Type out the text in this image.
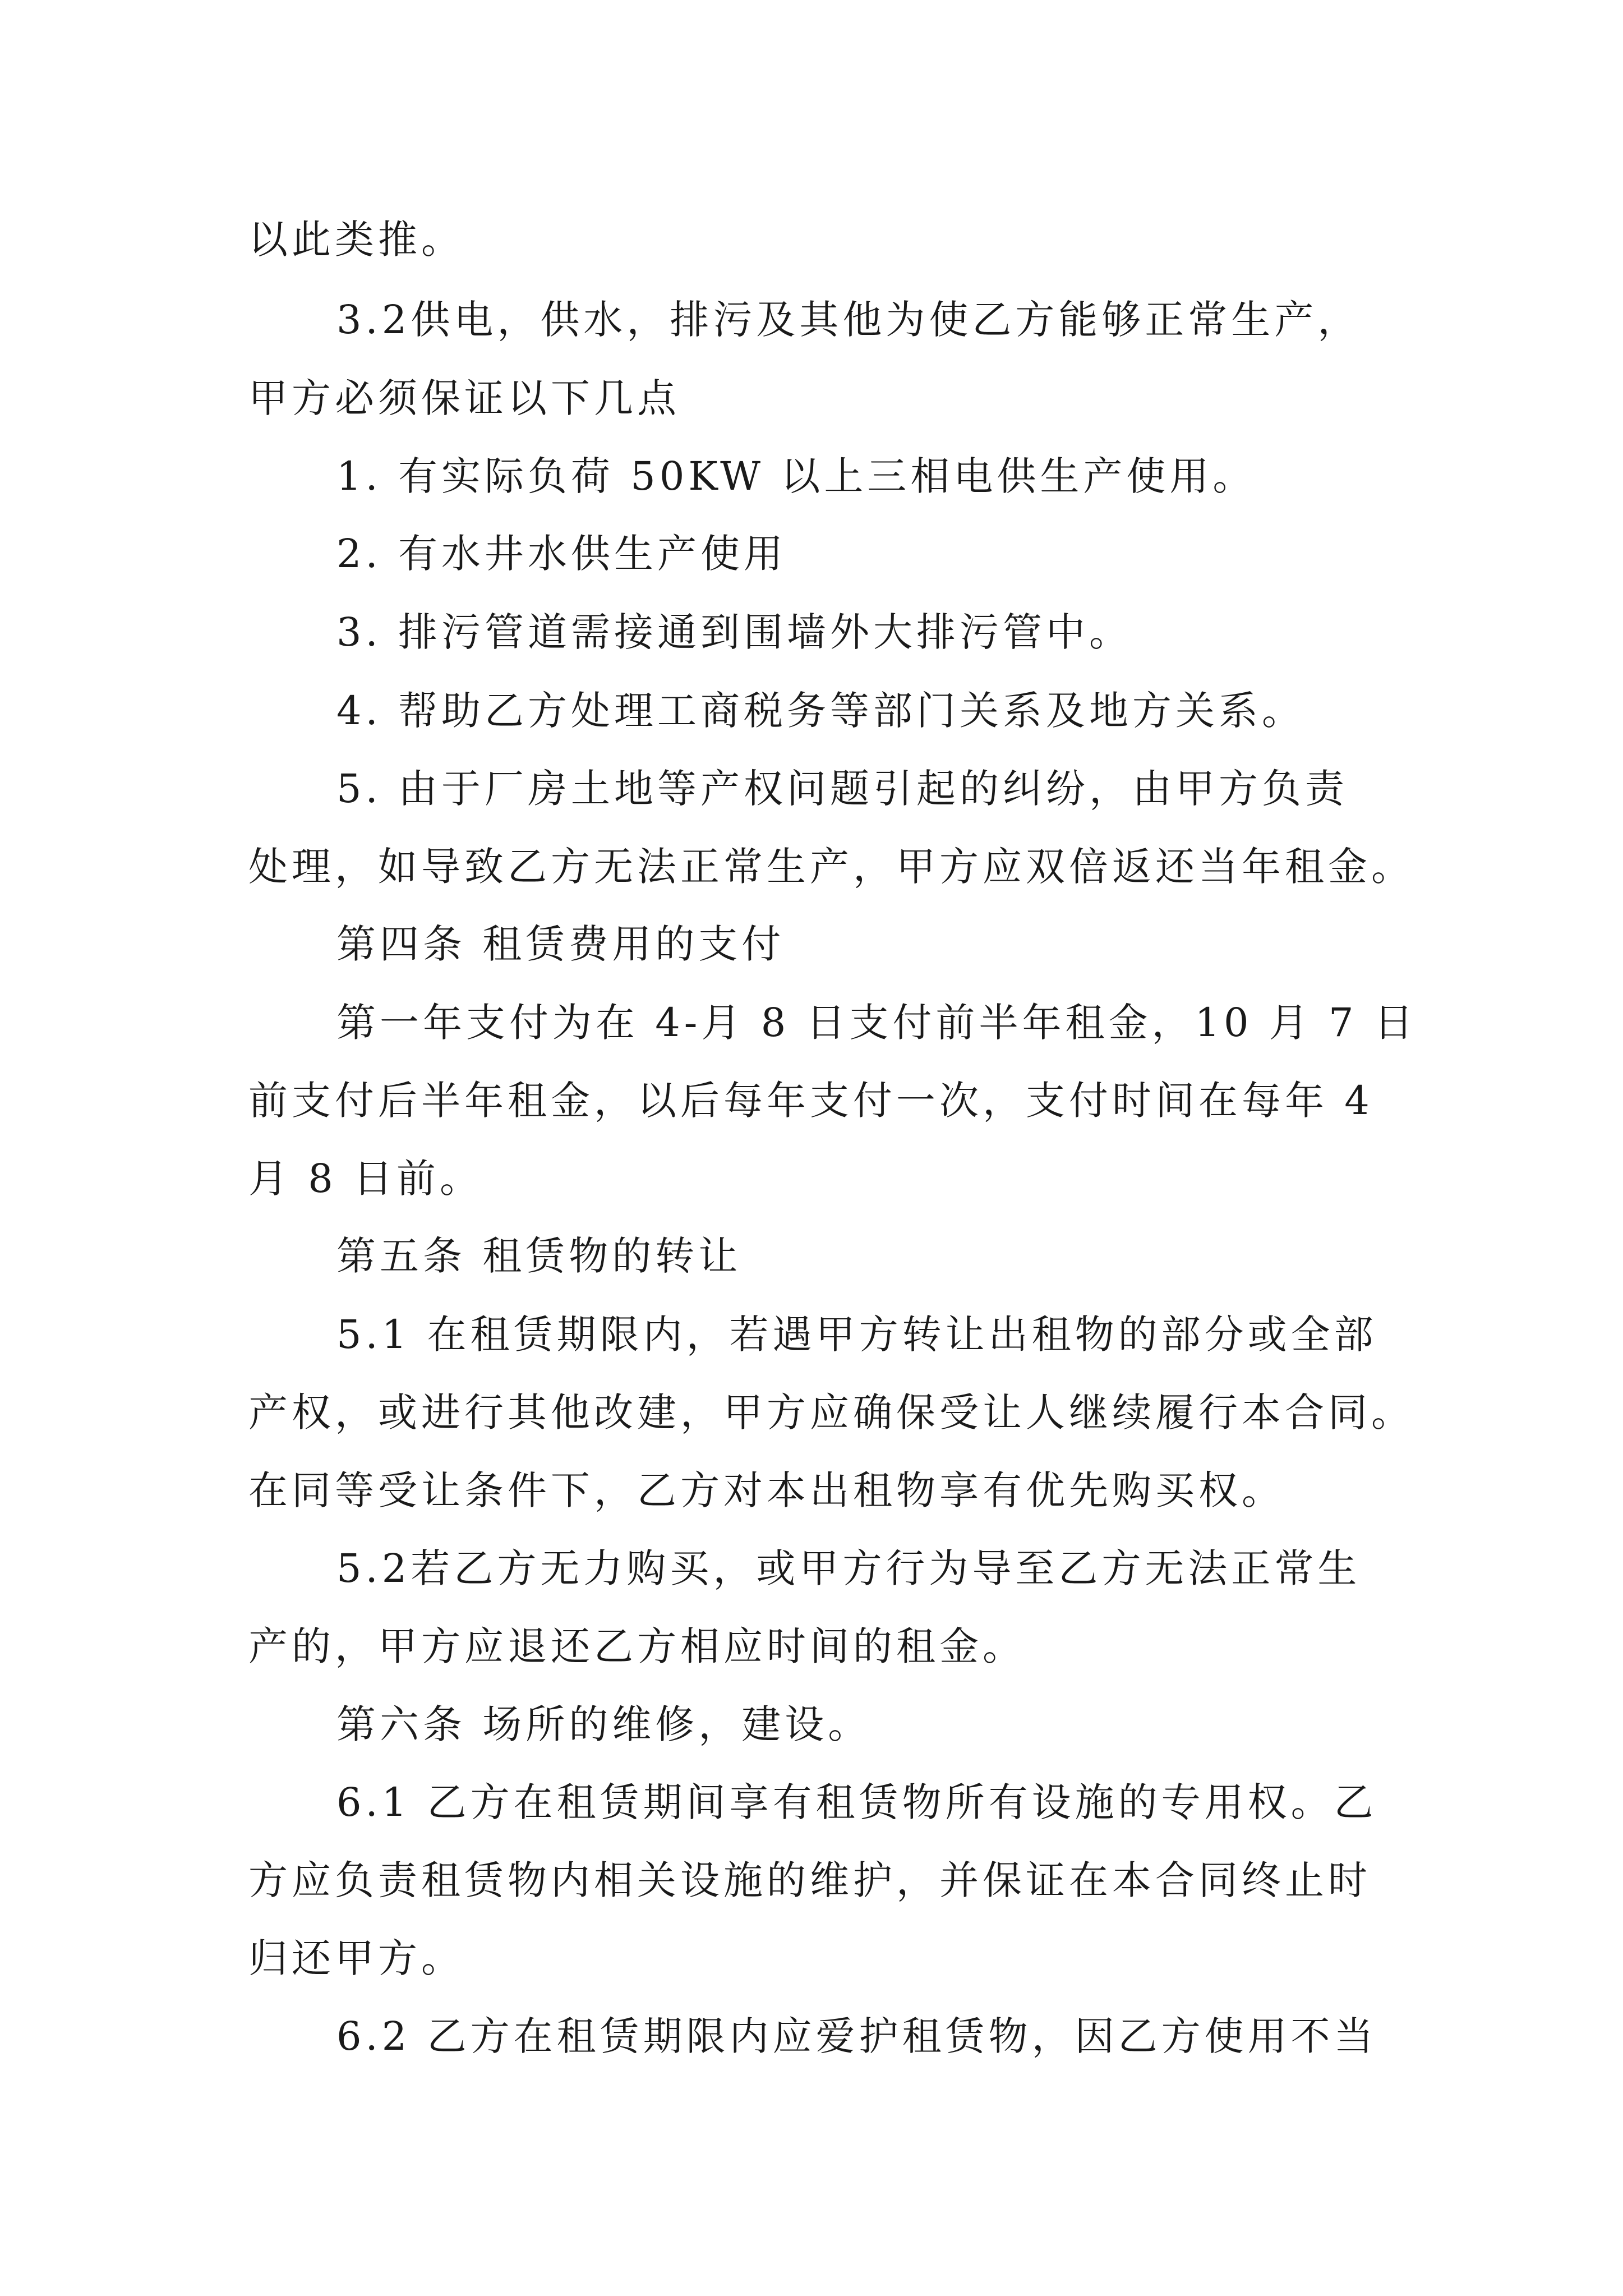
以此类推。
3.2供电，供水，排污及其他为使乙方能够正常生产，
甲方必须保证以下几点
1. 有实际负荷 50KW 以上三相电供生产使用。
2. 有水井水供生产使用
3. 排污管道需接通到围墙外大排污管中。
4. 帮助乙方处理工商税务等部门关系及地方关系。
5. 由于厂房土地等产权问题引起的纠纷，由甲方负责
处理，如导致乙方无法正常生产，甲方应双倍返还当年租金。
第四条 租赁费用的支付
第一年支付为在 4-月 8 日支付前半年租金，10 月 7 日
前支付后半年租金，以后每年支付一次，支付时间在每年 4
月 8 日前。
第五条 租赁物的转让
5.1 在租赁期限内，若遇甲方转让出租物的部分或全部
产权，或进行其他改建，甲方应确保受让人继续履行本合同。
在同等受让条件下，乙方对本出租物享有优先购买权。
5.2若乙方无力购买，或甲方行为导至乙方无法正常生
产的，甲方应退还乙方相应时间的租金。
第六条 场所的维修，建设。
6.1 乙方在租赁期间享有租赁物所有设施的专用权。乙
方应负责租赁物内相关设施的维护，并保证在本合同终止时
归还甲方。
6.2 乙方在租赁期限内应爱护租赁物，因乙方使用不当
